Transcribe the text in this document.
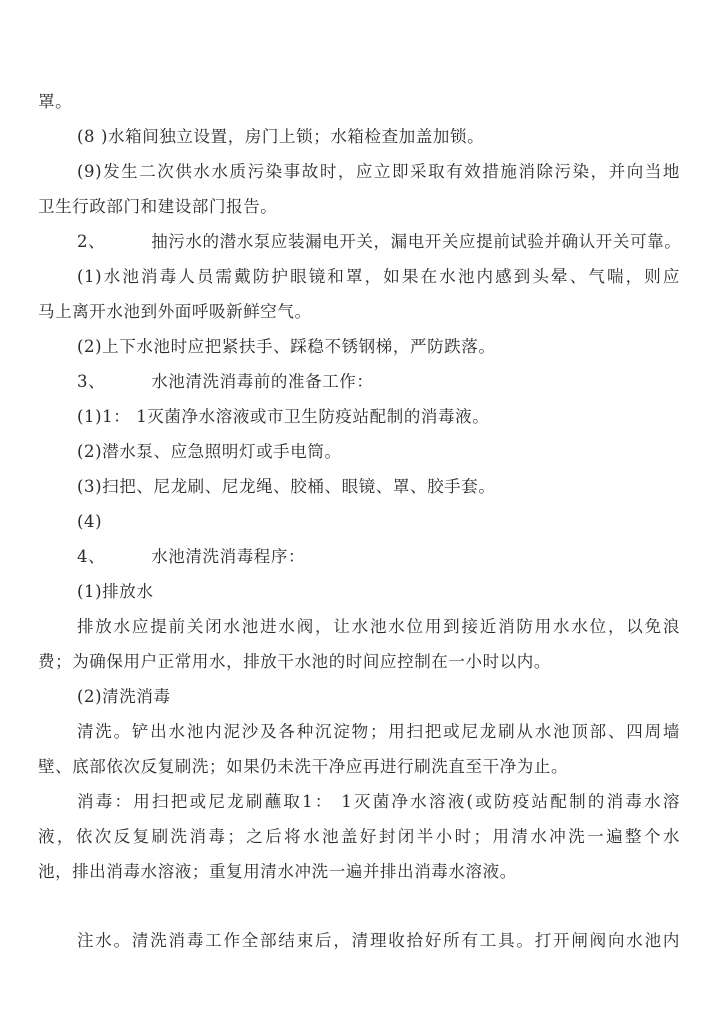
罩。
(8 )水箱间独立设置，房门上锁；水箱检查加盖加锁。
(9)发生二次供水水质污染事故时，应立即采取有效措施消除污染，并向当地
卫生行政部门和建设部门报告。
2、	抽污水的潜水泵应装漏电开关，漏电开关应提前试验并确认开关可靠。
(1)水池消毒人员需戴防护眼镜和罩，如果在水池内感到头晕、气喘，则应
马上离开水池到外面呼吸新鲜空气。
(2)上下水池时应把紧扶手、踩稳不锈钢梯，严防跌落。
3、	水池清洗消毒前的准备工作：
(1)1： 1灭菌净水溶液或市卫生防疫站配制的消毒液。
(2)潜水泵、应急照明灯或手电筒。
(3)扫把、尼龙刷、尼龙绳、胶桶、眼镜、罩、胶手套。
(4)
4、	水池清洗消毒程序：
(1)排放水
排放水应提前关闭水池进水阀，让水池水位用到接近消防用水水位，以免浪
费；为确保用户正常用水，排放干水池的时间应控制在一小时以内。
(2)清洗消毒
清洗。铲出水池内泥沙及各种沉淀物；用扫把或尼龙刷从水池顶部、四周墙
壁、底部依次反复刷洗；如果仍未洗干净应再进行刷洗直至干净为止。
消毒：用扫把或尼龙刷蘸取1： 1灭菌净水溶液(或防疫站配制的消毒水溶
液，依次反复刷洗消毒；之后将水池盖好封闭半小时；用清水冲洗一遍整个水
池，排出消毒水溶液；重复用清水冲洗一遍并排出消毒水溶液。
注水。清洗消毒工作全部结束后，清理收拾好所有工具。打开闸阀向水池内
